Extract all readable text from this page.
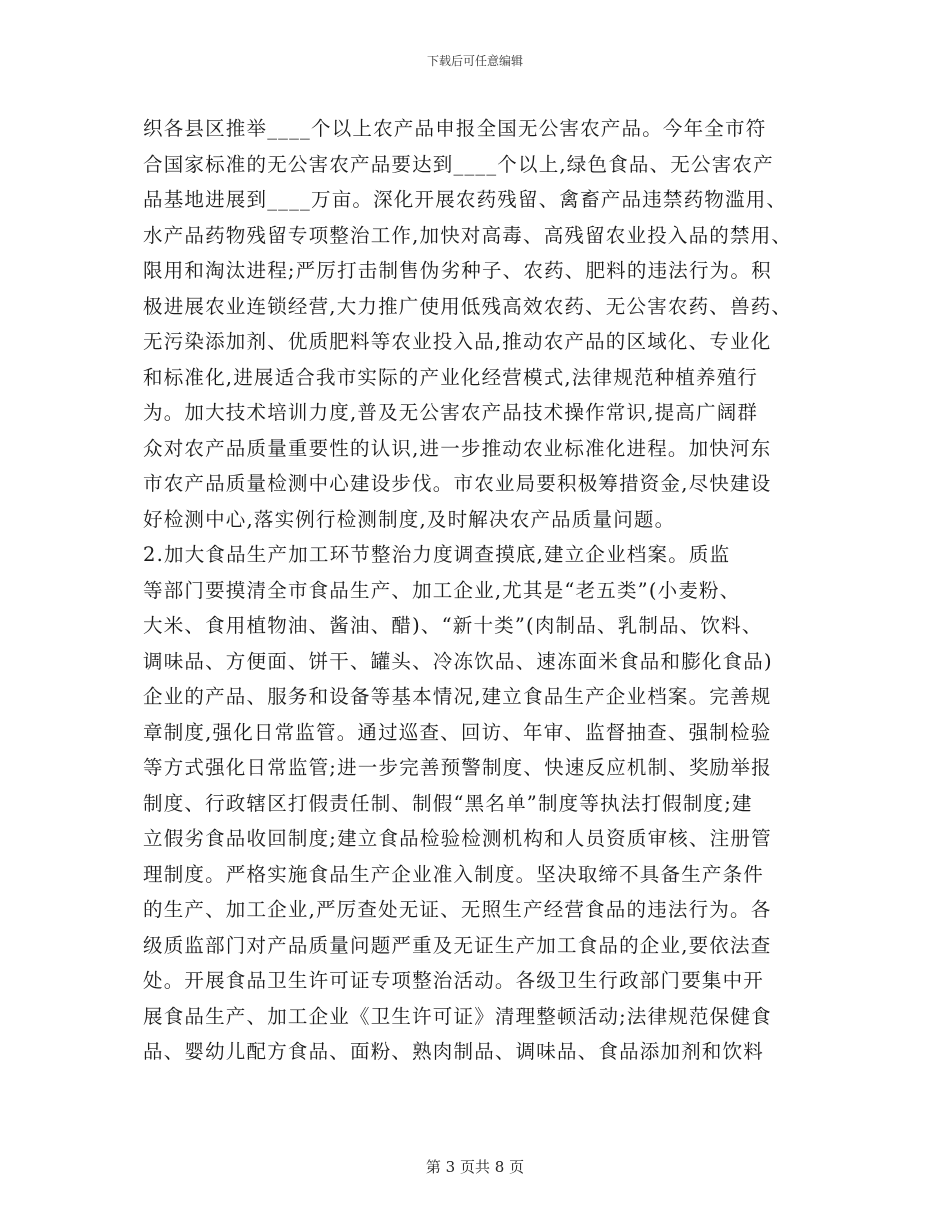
下载后可任意编辑
织各县区推举____个以上农产品申报全国无公害农产品。今年全市符
合国家标准的无公害农产品要达到____个以上,绿色食品、无公害农产
品基地进展到____万亩。深化开展农药残留、禽畜产品违禁药物滥用、
水产品药物残留专项整治工作,加快对高毒、高残留农业投入品的禁用、
限用和淘汰进程;严厉打击制售伪劣种子、农药、肥料的违法行为。积
极进展农业连锁经营,大力推广使用低残高效农药、无公害农药、兽药、
无污染添加剂、优质肥料等农业投入品,推动农产品的区域化、专业化
和标准化,进展适合我市实际的产业化经营模式,法律规范种植养殖行
为。加大技术培训力度,普及无公害农产品技术操作常识,提高广阔群
众对农产品质量重要性的认识,进一步推动农业标准化进程。加快河东
市农产品质量检测中心建设步伐。市农业局要积极筹措资金,尽快建设
好检测中心,落实例行检测制度,及时解决农产品质量问题。
2.加大食品生产加工环节整治力度调查摸底,建立企业档案。质监
等部门要摸清全市食品生产、加工企业,尤其是“老五类”(小麦粉、
大米、食用植物油、酱油、醋)、“新十类”(肉制品、乳制品、饮料、
调味品、方便面、饼干、罐头、冷冻饮品、速冻面米食品和膨化食品)
企业的产品、服务和设备等基本情况,建立食品生产企业档案。完善规
章制度,强化日常监管。通过巡查、回访、年审、监督抽查、强制检验
等方式强化日常监管;进一步完善预警制度、快速反应机制、奖励举报
制度、行政辖区打假责任制、制假“黑名单”制度等执法打假制度;建
立假劣食品收回制度;建立食品检验检测机构和人员资质审核、注册管
理制度。严格实施食品生产企业准入制度。坚决取缔不具备生产条件
的生产、加工企业,严厉查处无证、无照生产经营食品的违法行为。各
级质监部门对产品质量问题严重及无证生产加工食品的企业,要依法查
处。开展食品卫生许可证专项整治活动。各级卫生行政部门要集中开
展食品生产、加工企业《卫生许可证》清理整顿活动;法律规范保健食
品、婴幼儿配方食品、面粉、熟肉制品、调味品、食品添加剂和饮料
第 3 页共 8 页
